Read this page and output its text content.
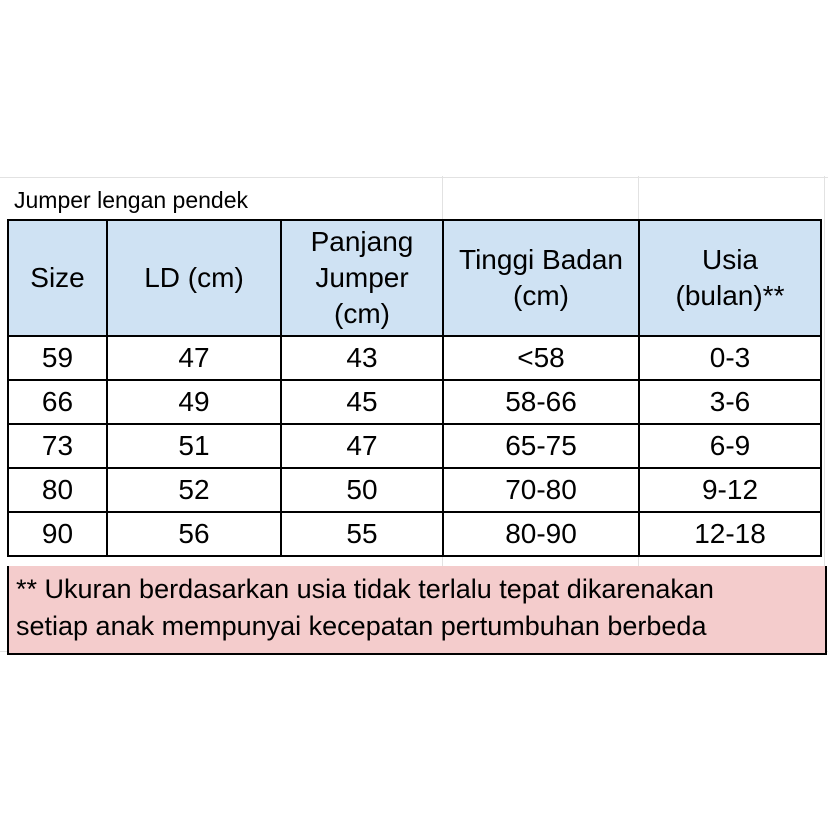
Jumper lengan pendek
Size	LD (cm)	Panjang Jumper (cm)	Tinggi Badan (cm)	Usia (bulan)**
59	47	43	<58	0-3
66	49	45	58-66	3-6
73	51	47	65-75	6-9
80	52	50	70-80	9-12
90	56	55	80-90	12-18
** Ukuran berdasarkan usia tidak terlalu tepat dikarenakan
setiap anak mempunyai kecepatan pertumbuhan berbeda
